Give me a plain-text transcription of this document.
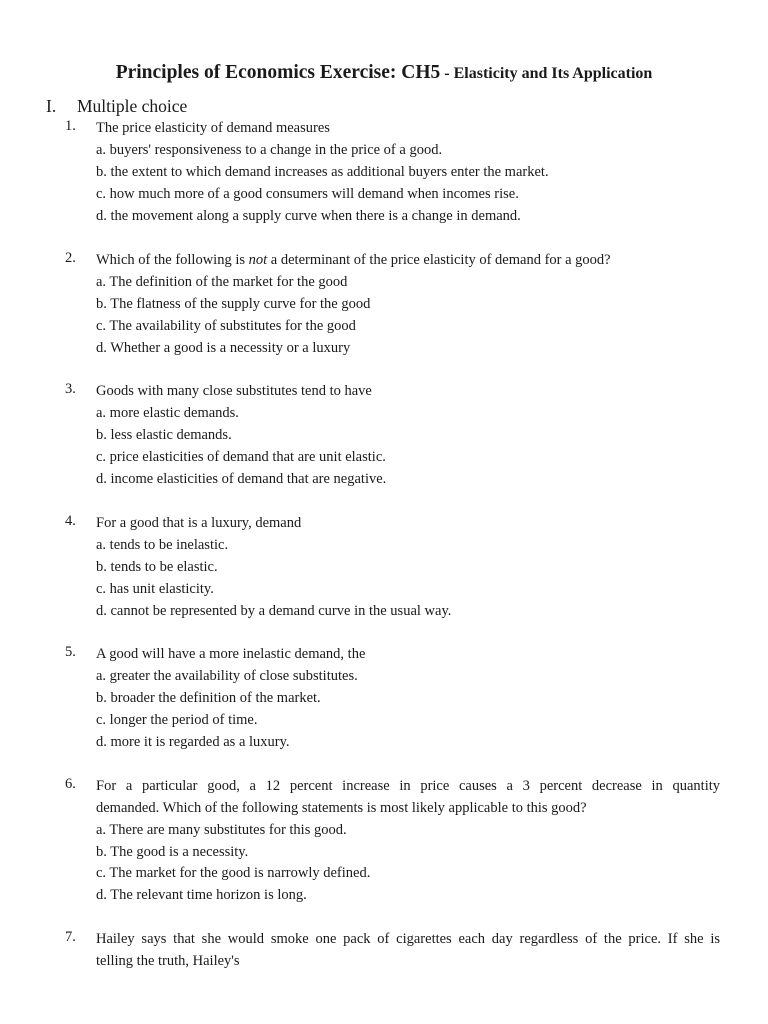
Principles of Economics Exercise: CH5 - Elasticity and Its Application
I. Multiple choice
1. The price elasticity of demand measures
a. buyers' responsiveness to a change in the price of a good.
b. the extent to which demand increases as additional buyers enter the market.
c. how much more of a good consumers will demand when incomes rise.
d. the movement along a supply curve when there is a change in demand.
2. Which of the following is not a determinant of the price elasticity of demand for a good?
a. The definition of the market for the good
b. The flatness of the supply curve for the good
c. The availability of substitutes for the good
d. Whether a good is a necessity or a luxury
3. Goods with many close substitutes tend to have
a. more elastic demands.
b. less elastic demands.
c. price elasticities of demand that are unit elastic.
d. income elasticities of demand that are negative.
4. For a good that is a luxury, demand
a. tends to be inelastic.
b. tends to be elastic.
c. has unit elasticity.
d. cannot be represented by a demand curve in the usual way.
5. A good will have a more inelastic demand, the
a. greater the availability of close substitutes.
b. broader the definition of the market.
c. longer the period of time.
d. more it is regarded as a luxury.
6. For a particular good, a 12 percent increase in price causes a 3 percent decrease in quantity
demanded. Which of the following statements is most likely applicable to this good?
a. There are many substitutes for this good.
b. The good is a necessity.
c. The market for the good is narrowly defined.
d. The relevant time horizon is long.
7. Hailey says that she would smoke one pack of cigarettes each day regardless of the price. If she is
telling the truth, Hailey's
